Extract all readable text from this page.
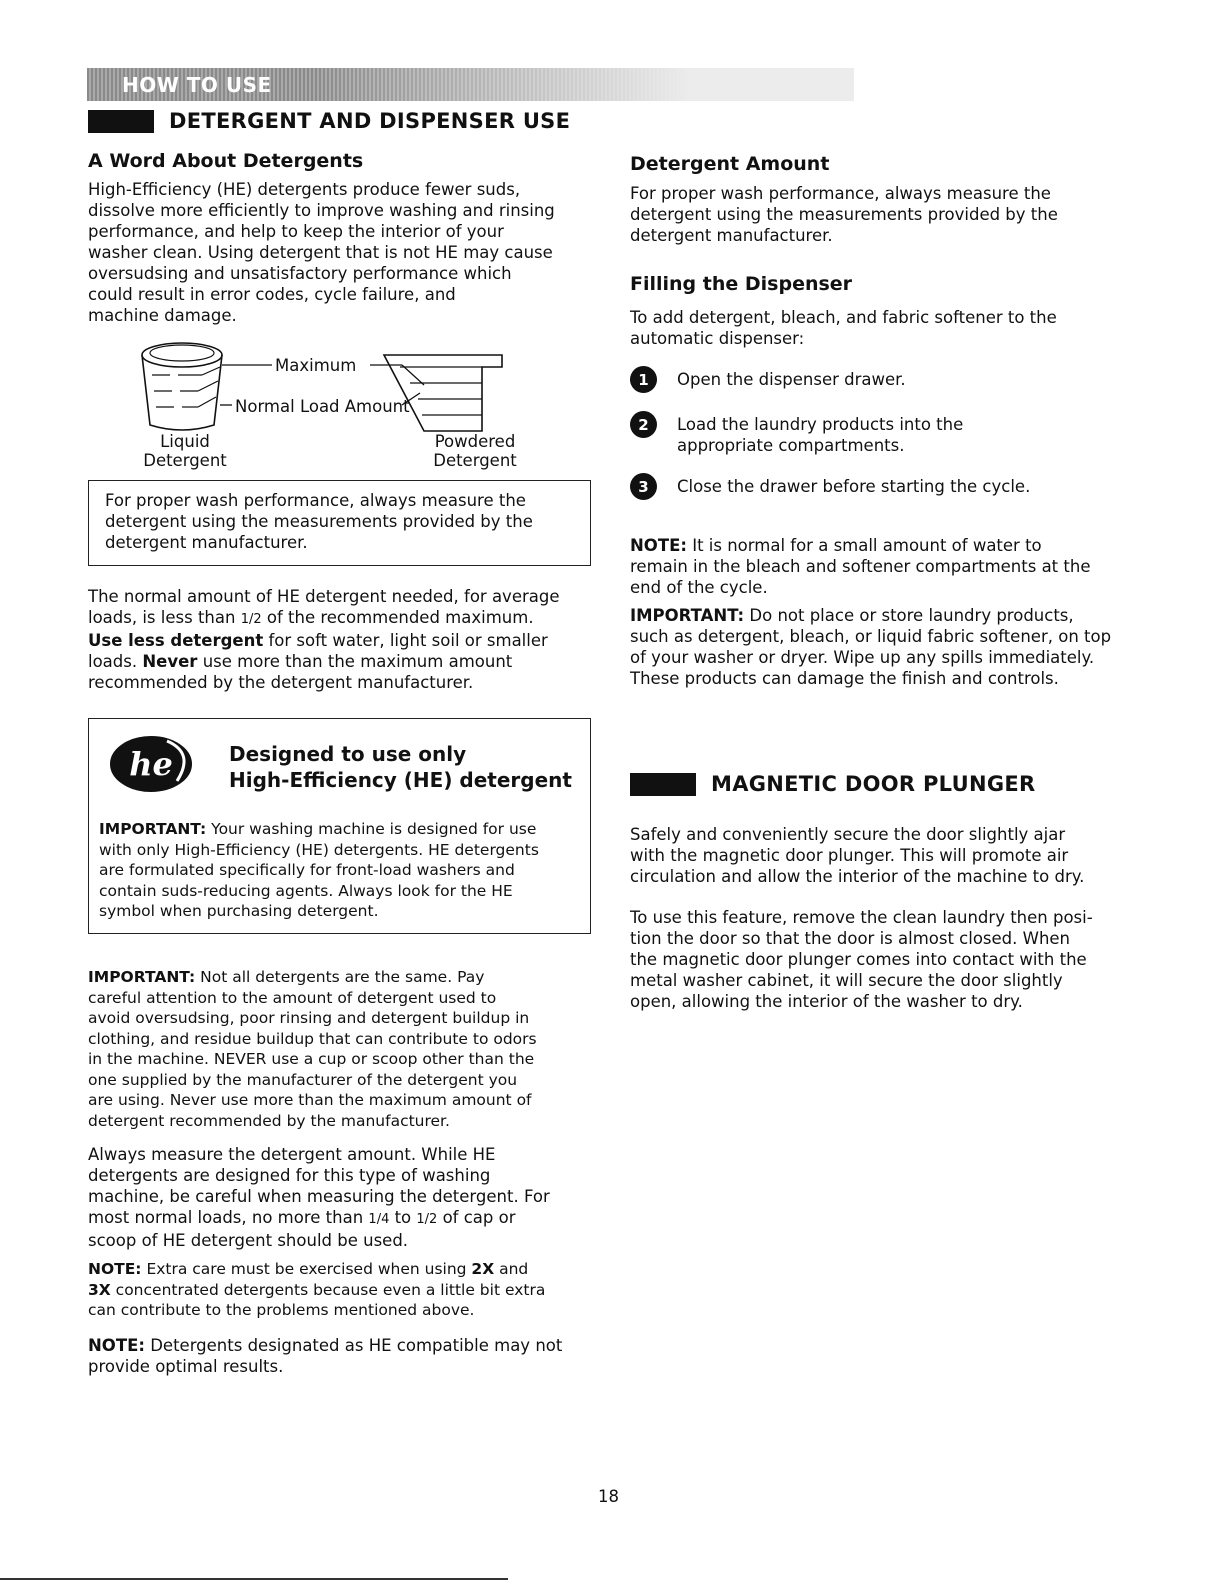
HOW TO USE
DETERGENT AND DISPENSER USE
A Word About Detergents

High-Efficiency (HE) detergents produce fewer suds,

dissolve more efficiently to improve washing and rinsing

performance, and help to keep the interior of your

washer clean. Using detergent that is not HE may cause

oversudsing and unsatisfactory performance which

could result in error codes, cycle failure, and

machine damage.

Maximum
Normal Load Amount

Liquid

Detergent

Powdered

Detergent

For proper wash performance, always measure the

detergent using the measurements provided by the

detergent manufacturer.

The normal amount of HE detergent needed, for average

loads, is less than 1/2 of the recommended maximum.

Use less detergent for soft water, light soil or smaller

loads. Never use more than the maximum amount

recommended by the detergent manufacturer.

he	Designed to use only

High-Efficiency (HE) detergent

IMPORTANT: Your washing machine is designed for use

with only High-Efficiency (HE) detergents. HE detergents

are formulated specifically for front-load washers and

contain suds-reducing agents. Always look for the HE

symbol when purchasing detergent.

IMPORTANT: Not all detergents are the same. Pay

careful attention to the amount of detergent used to

avoid oversudsing, poor rinsing and detergent buildup in

clothing, and residue buildup that can contribute to odors

in the machine. NEVER use a cup or scoop other than the

one supplied by the manufacturer of the detergent you

are using. Never use more than the maximum amount of

detergent recommended by the manufacturer.

Always measure the detergent amount. While HE

detergents are designed for this type of washing

machine, be careful when measuring the detergent. For

most normal loads, no more than 1/4 to 1/2 of cap or

scoop of HE detergent should be used.

NOTE: Extra care must be exercised when using 2X and

3X concentrated detergents because even a little bit extra

can contribute to the problems mentioned above.

NOTE: Detergents designated as HE compatible may not

provide optimal results.

Detergent Amount

For proper wash performance, always measure the

detergent using the measurements provided by the

detergent manufacturer.

Filling the Dispenser

To add detergent, bleach, and fabric softener to the

automatic dispenser:

1	Open the dispenser drawer.

2	Load the laundry products into the

appropriate compartments.

3	Close the drawer before starting the cycle.

NOTE: It is normal for a small amount of water to

remain in the bleach and softener compartments at the

end of the cycle.

IMPORTANT: Do not place or store laundry products,

such as detergent, bleach, or liquid fabric softener, on top

of your washer or dryer. Wipe up any spills immediately.

These products can damage the finish and controls.

MAGNETIC DOOR PLUNGER

Safely and conveniently secure the door slightly ajar

with the magnetic door plunger. This will promote air

circulation and allow the interior of the machine to dry.

To use this feature, remove the clean laundry then posi-

tion the door so that the door is almost closed. When

the magnetic door plunger comes into contact with the

metal washer cabinet, it will secure the door slightly

open, allowing the interior of the washer to dry.

18
